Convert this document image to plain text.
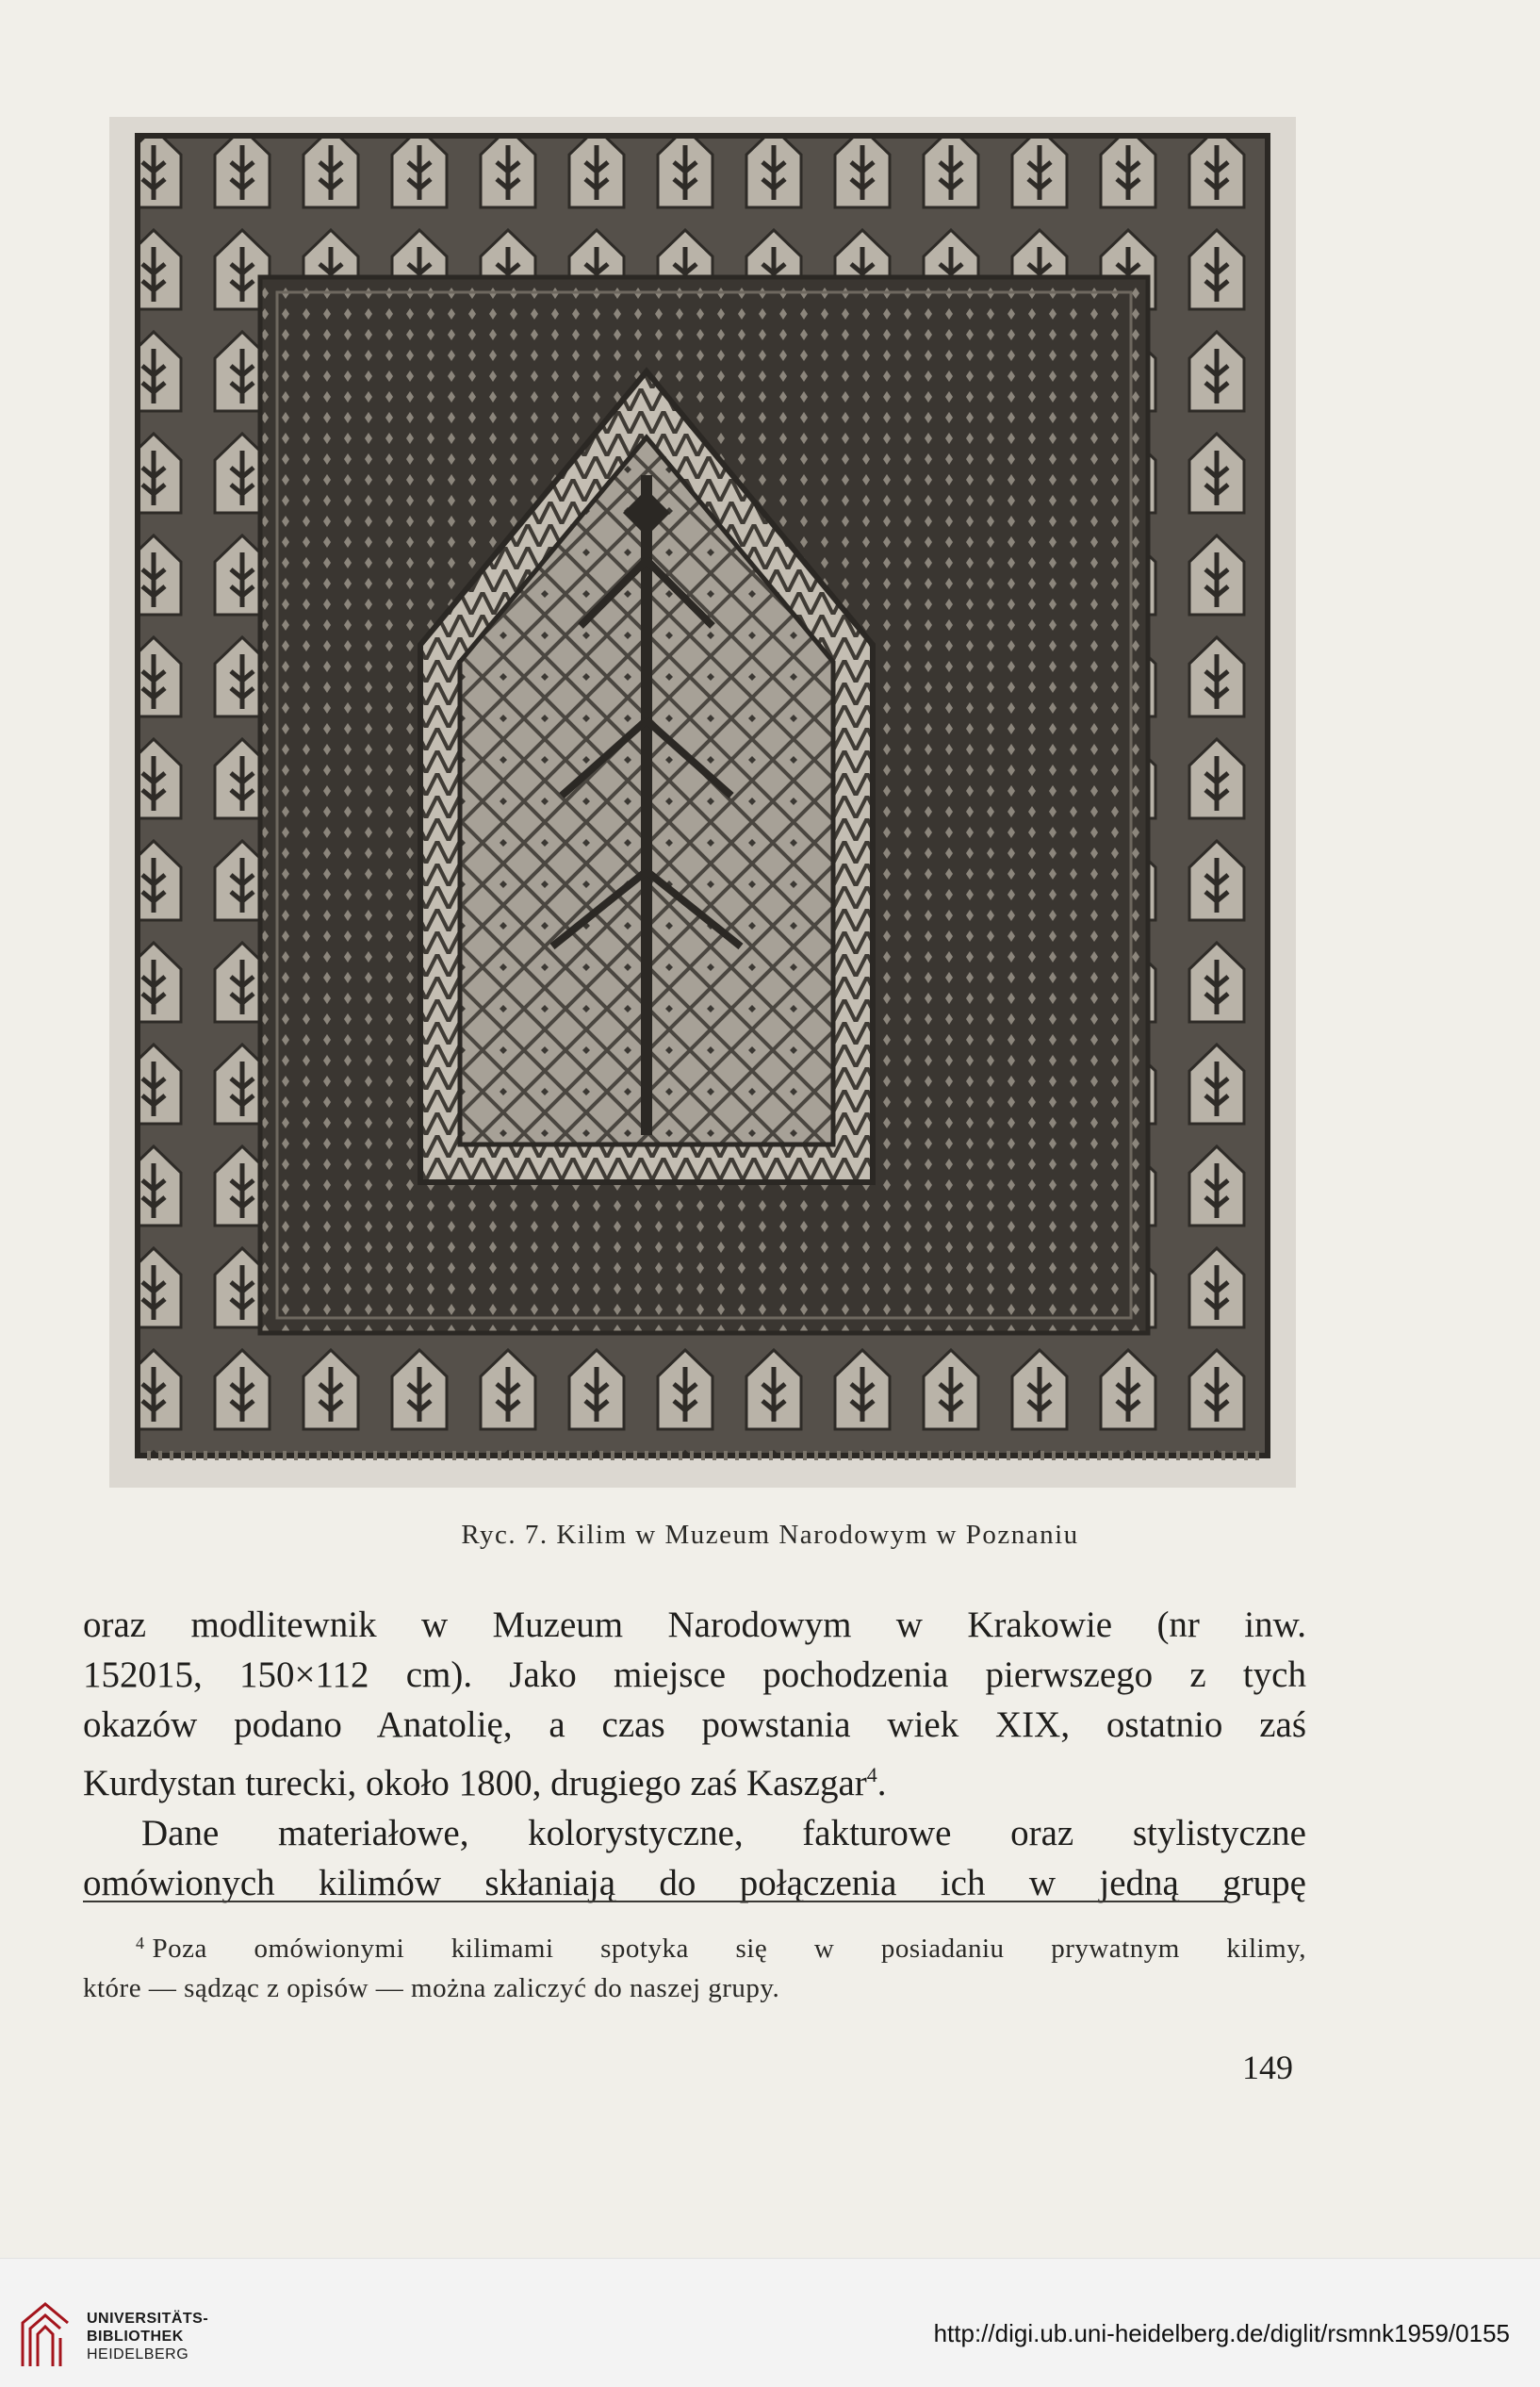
Ryc. 7. Kilim w Muzeum Narodowym w Poznaniu

oraz modlitewnik w Muzeum Narodowym w Krakowie (nr inw.

152015, 150×112 cm). Jako miejsce pochodzenia pierwszego z tych

okazów podano Anatolię, a czas powstania wiek XIX, ostatnio zaś

Kurdystan turecki, około 1800, drugiego zaś Kaszgar$^4$.

Dane materiałowe, kolorystyczne, fakturowe oraz stylistyczne

omówionych kilimów skłaniają do połączenia ich w jedną grupę

$^4$ Poza omówionymi kilimami spotyka się w posiadaniu prywatnym kilimy,

które — sądząc z opisów — można zaliczyć do naszej grupy.

149
UNIVERSITÄTS-
BIBLIOTHEK
HEIDELBERG
http://digi.ub.uni-heidelberg.de/diglit/rsmnk1959/0155
